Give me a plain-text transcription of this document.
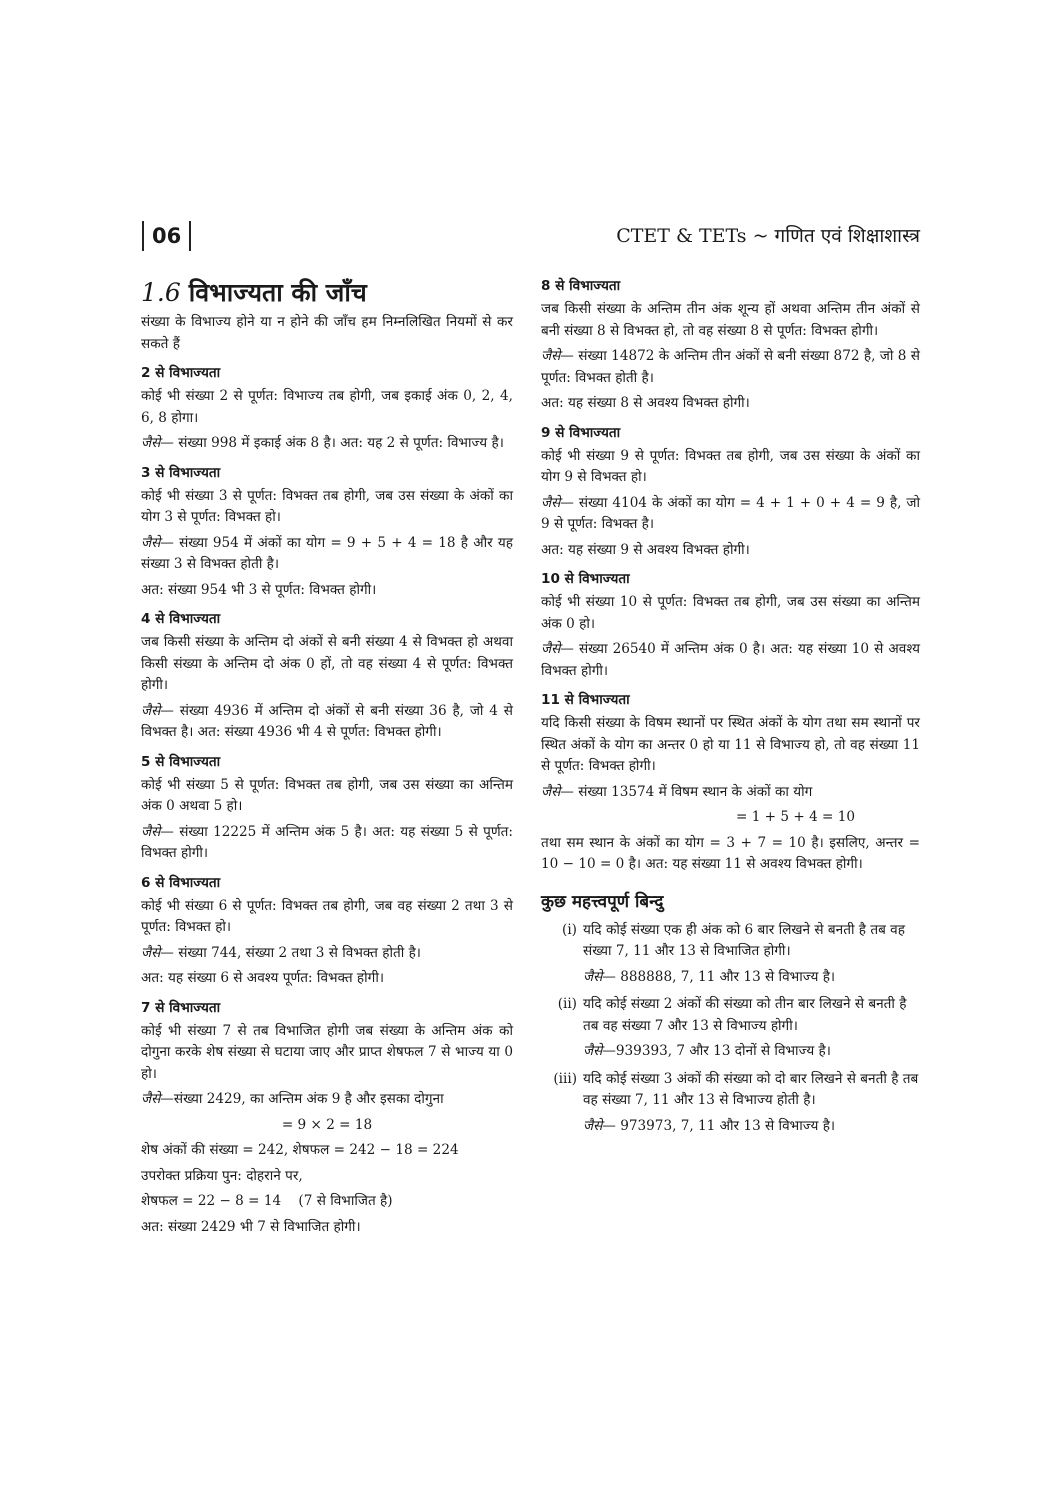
06	CTET & TETs ~ गणित एवं शिक्षाशास्त्र
1.6 विभाज्यता की जाँच

संख्या के विभाज्य होने या न होने की जाँच हम निम्नलिखित नियमों से कर सकते हैं

2 से विभाज्यता

कोई भी संख्या 2 से पूर्णत: विभाज्य तब होगी, जब इकाई अंक 0, 2, 4, 6, 8 होगा।

जैसे— संख्या 998 में इकाई अंक 8 है। अत: यह 2 से पूर्णत: विभाज्य है।

3 से विभाज्यता

कोई भी संख्या 3 से पूर्णत: विभक्त तब होगी, जब उस संख्या के अंकों का योग 3 से पूर्णत: विभक्त हो।

जैसे— संख्या 954 में अंकों का योग = 9 + 5 + 4 = 18 है और यह संख्या 3 से विभक्त होती है।

अत: संख्या 954 भी 3 से पूर्णत: विभक्त होगी।

4 से विभाज्यता

जब किसी संख्या के अन्तिम दो अंकों से बनी संख्या 4 से विभक्त हो अथवा किसी संख्या के अन्तिम दो अंक 0 हों, तो वह संख्या 4 से पूर्णत: विभक्त होगी।

जैसे— संख्या 4936 में अन्तिम दो अंकों से बनी संख्या 36 है, जो 4 से विभक्त है। अत: संख्या 4936 भी 4 से पूर्णत: विभक्त होगी।

5 से विभाज्यता

कोई भी संख्या 5 से पूर्णत: विभक्त तब होगी, जब उस संख्या का अन्तिम अंक 0 अथवा 5 हो।

जैसे— संख्या 12225 में अन्तिम अंक 5 है। अत: यह संख्या 5 से पूर्णत: विभक्त होगी।

6 से विभाज्यता

कोई भी संख्या 6 से पूर्णत: विभक्त तब होगी, जब वह संख्या 2 तथा 3 से पूर्णत: विभक्त हो।

जैसे— संख्या 744, संख्या 2 तथा 3 से विभक्त होती है।

अत: यह संख्या 6 से अवश्य पूर्णत: विभक्त होगी।

7 से विभाज्यता

कोई भी संख्या 7 से तब विभाजित होगी जब संख्या के अन्तिम अंक को दोगुना करके शेष संख्या से घटाया जाए और प्राप्त शेषफल 7 से भाज्य या 0 हो।

जैसे—संख्या 2429, का अन्तिम अंक 9 है और इसका दोगुना

= 9 × 2 = 18

शेष अंकों की संख्या = 242, शेषफल = 242 − 18 = 224

उपरोक्त प्रक्रिया पुन: दोहराने पर,

शेषफल = 22 − 8 = 14    (7 से विभाजित है)

अत: संख्या 2429 भी 7 से विभाजित होगी।

8 से विभाज्यता

जब किसी संख्या के अन्तिम तीन अंक शून्य हों अथवा अन्तिम तीन अंकों से बनी संख्या 8 से विभक्त हो, तो वह संख्या 8 से पूर्णत: विभक्त होगी।

जैसे— संख्या 14872 के अन्तिम तीन अंकों से बनी संख्या 872 है, जो 8 से पूर्णत: विभक्त होती है।

अत: यह संख्या 8 से अवश्य विभक्त होगी।

9 से विभाज्यता

कोई भी संख्या 9 से पूर्णत: विभक्त तब होगी, जब उस संख्या के अंकों का योग 9 से विभक्त हो।

जैसे— संख्या 4104 के अंकों का योग = 4 + 1 + 0 + 4 = 9 है, जो 9 से पूर्णत: विभक्त है।

अत: यह संख्या 9 से अवश्य विभक्त होगी।

10 से विभाज्यता

कोई भी संख्या 10 से पूर्णत: विभक्त तब होगी, जब उस संख्या का अन्तिम अंक 0 हो।

जैसे— संख्या 26540 में अन्तिम अंक 0 है। अत: यह संख्या 10 से अवश्य विभक्त होगी।

11 से विभाज्यता

यदि किसी संख्या के विषम स्थानों पर स्थित अंकों के योग तथा सम स्थानों पर स्थित अंकों के योग का अन्तर 0 हो या 11 से विभाज्य हो, तो वह संख्या 11 से पूर्णत: विभक्त होगी।

जैसे— संख्या 13574 में विषम स्थान के अंकों का योग

= 1 + 5 + 4 = 10

तथा सम स्थान के अंकों का योग = 3 + 7 = 10 है। इसलिए, अन्तर = 10 − 10 = 0 है। अत: यह संख्या 11 से अवश्य विभक्त होगी।

कुछ महत्त्वपूर्ण बिन्दु
(i) यदि कोई संख्या एक ही अंक को 6 बार लिखने से बनती है तब वह संख्या 7, 11 और 13 से विभाजित होगी।

जैसे— 888888, 7, 11 और 13 से विभाज्य है।

(ii) यदि कोई संख्या 2 अंकों की संख्या को तीन बार लिखने से बनती है तब वह संख्या 7 और 13 से विभाज्य होगी।

जैसे—939393, 7 और 13 दोनों से विभाज्य है।

(iii) यदि कोई संख्या 3 अंकों की संख्या को दो बार लिखने से बनती है तब वह संख्या 7, 11 और 13 से विभाज्य होती है।

जैसे— 973973, 7, 11 और 13 से विभाज्य है।
